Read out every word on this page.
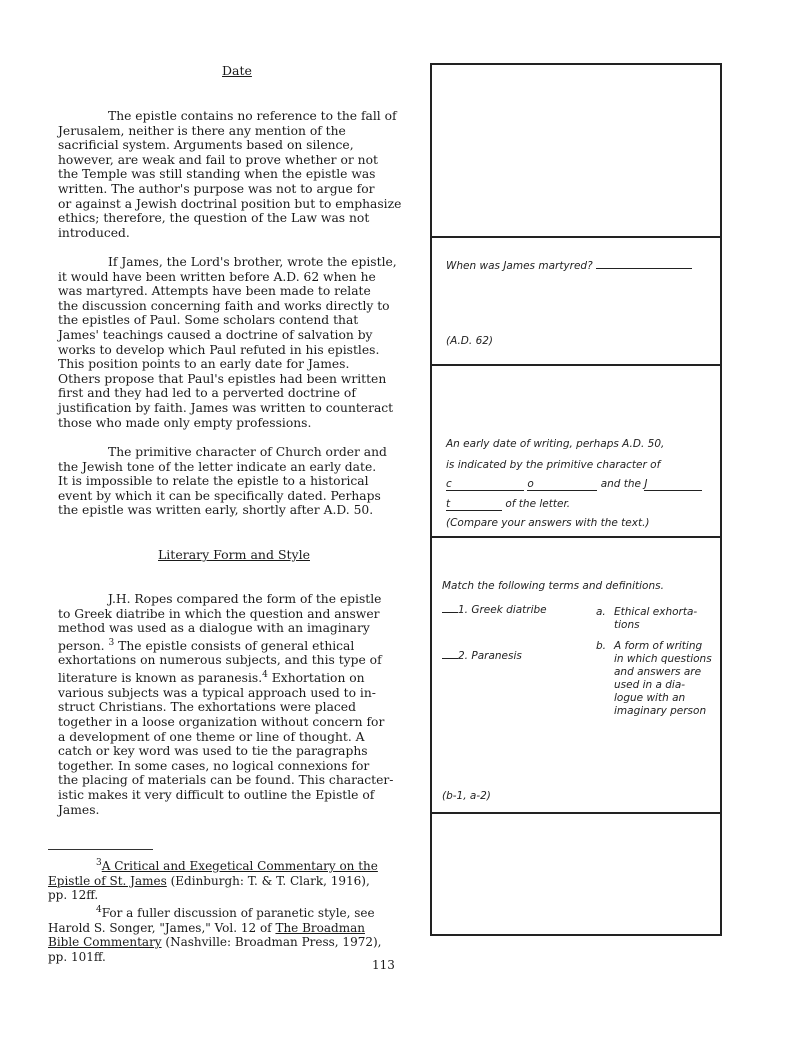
Date

The epistle contains no reference to the fall of

Jerusalem, neither is there any mention of the

sacrificial system. Arguments based on silence,

however, are weak and fail to prove whether or not

the Temple was still standing when the epistle was

written. The author's purpose was not to argue for

or against a Jewish doctrinal position but to emphasize

ethics; therefore, the question of the Law was not

introduced.

If James, the Lord's brother, wrote the epistle,

it would have been written before A.D. 62 when he

was martyred. Attempts have been made to relate

the discussion concerning faith and works directly to

the epistles of Paul. Some scholars contend that

James' teachings caused a doctrine of salvation by

works to develop which Paul refuted in his epistles.

This position points to an early date for James.

Others propose that Paul's epistles had been written

first and they had led to a perverted doctrine of

justification by faith. James was written to counteract

those who made only empty professions.

The primitive character of Church order and

the Jewish tone of the letter indicate an early date.

It is impossible to relate the epistle to a historical

event by which it can be specifically dated. Perhaps

the epistle was written early, shortly after A.D. 50.

Literary Form and Style

J.H. Ropes compared the form of the epistle

to Greek diatribe in which the question and answer

method was used as a dialogue with an imaginary

person. $^3$ The epistle consists of general ethical

exhortations on numerous subjects, and this type of

literature is known as paranesis.$^4$ Exhortation on

various subjects was a typical approach used to in-

struct Christians. The exhortations were placed

together in a loose organization without concern for

a development of one theme or line of thought. A

catch or key word was used to tie the paragraphs

together. In some cases, no logical connexions for

the placing of materials can be found. This character-

istic makes it very difficult to outline the Epistle of

James.

$^3$A Critical and Exegetical Commentary on the
Epistle of St. James (Edinburgh: T. & T. Clark, 1916),
pp. 12ff.
$^4$For a fuller discussion of paranetic style, see
Harold S. Songer, "James," Vol. 12 of The Broadman
Bible Commentary (Nashville: Broadman Press, 1972),
pp. 101ff.
113
When was James martyred?
(A.D. 62)
An early date of writing, perhaps A.D. 50,
is indicated by the primitive character of
c	o	and the J
t	of the letter.
(Compare your answers with the text.)
Match the following terms and definitions.
1. Greek diatribe
2. Paranesis
a. Ethical exhorta-
tions
b. A form of writing
in which questions
and answers are
used in a dia-
logue with an
imaginary person
(b-1, a-2)
